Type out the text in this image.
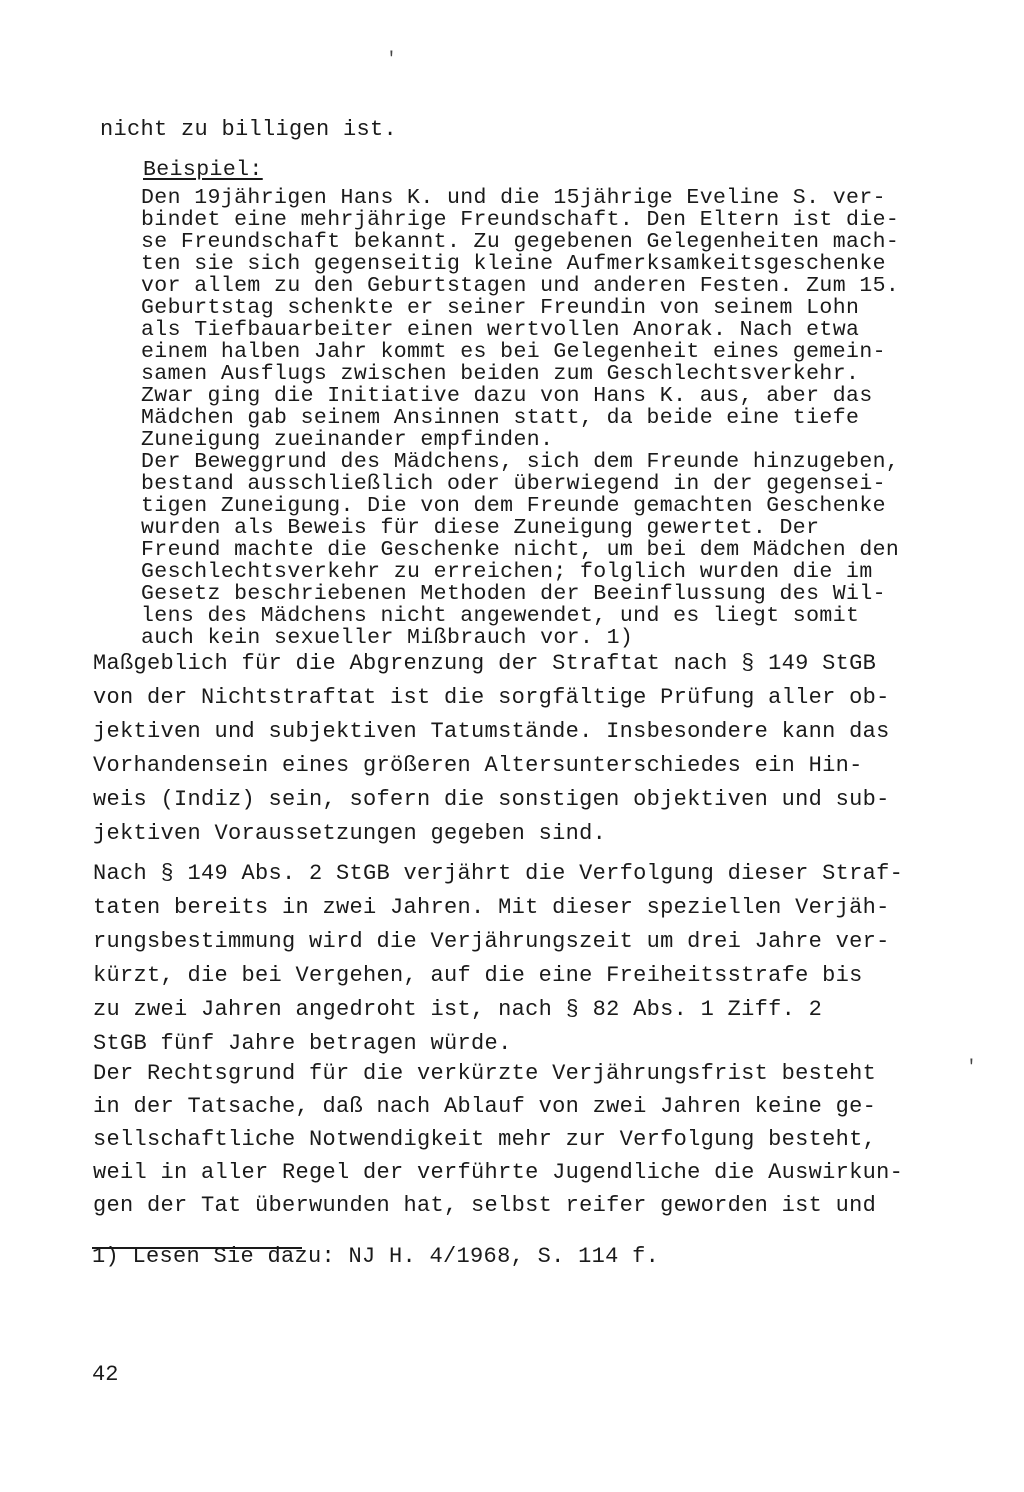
'
nicht zu billigen ist.
Beispiel:
Den 19jährigen Hans K. und die 15jährige Eveline S. ver-
bindet eine mehrjährige Freundschaft. Den Eltern ist die-
se Freundschaft bekannt. Zu gegebenen Gelegenheiten mach-
ten sie sich gegenseitig kleine Aufmerksamkeitsgeschenke
vor allem zu den Geburtstagen und anderen Festen. Zum 15.
Geburtstag schenkte er seiner Freundin von seinem Lohn
als Tiefbauarbeiter einen wertvollen Anorak. Nach etwa
einem halben Jahr kommt es bei Gelegenheit eines gemein-
samen Ausflugs zwischen beiden zum Geschlechtsverkehr.
Zwar ging die Initiative dazu von Hans K. aus, aber das
Mädchen gab seinem Ansinnen statt, da beide eine tiefe
Zuneigung zueinander empfinden.
Der Beweggrund des Mädchens, sich dem Freunde hinzugeben,
bestand ausschließlich oder überwiegend in der gegensei-
tigen Zuneigung. Die von dem Freunde gemachten Geschenke
wurden als Beweis für diese Zuneigung gewertet. Der
Freund machte die Geschenke nicht, um bei dem Mädchen den
Geschlechtsverkehr zu erreichen; folglich wurden die im
Gesetz beschriebenen Methoden der Beeinflussung des Wil-
lens des Mädchens nicht angewendet, und es liegt somit
auch kein sexueller Mißbrauch vor. 1)
Maßgeblich für die Abgrenzung der Straftat nach § 149 StGB
von der Nichtstraftat ist die sorgfältige Prüfung aller ob-
jektiven und subjektiven Tatumstände. Insbesondere kann das
Vorhandensein eines größeren Altersunterschiedes ein Hin-
weis (Indiz) sein, sofern die sonstigen objektiven und sub-
jektiven Voraussetzungen gegeben sind.
Nach § 149 Abs. 2 StGB verjährt die Verfolgung dieser Straf-
taten bereits in zwei Jahren. Mit dieser speziellen Verjäh-
rungsbestimmung wird die Verjährungszeit um drei Jahre ver-
kürzt, die bei Vergehen, auf die eine Freiheitsstrafe bis
zu zwei Jahren angedroht ist, nach § 82 Abs. 1 Ziff. 2
StGB fünf Jahre betragen würde.
Der Rechtsgrund für die verkürzte Verjährungsfrist besteht
in der Tatsache, daß nach Ablauf von zwei Jahren keine ge-
sellschaftliche Notwendigkeit mehr zur Verfolgung besteht,
weil in aller Regel der verführte Jugendliche die Auswirkun-
gen der Tat überwunden hat, selbst reifer geworden ist und
'
1) Lesen Sie dazu: NJ H. 4/1968, S. 114 f.
42
